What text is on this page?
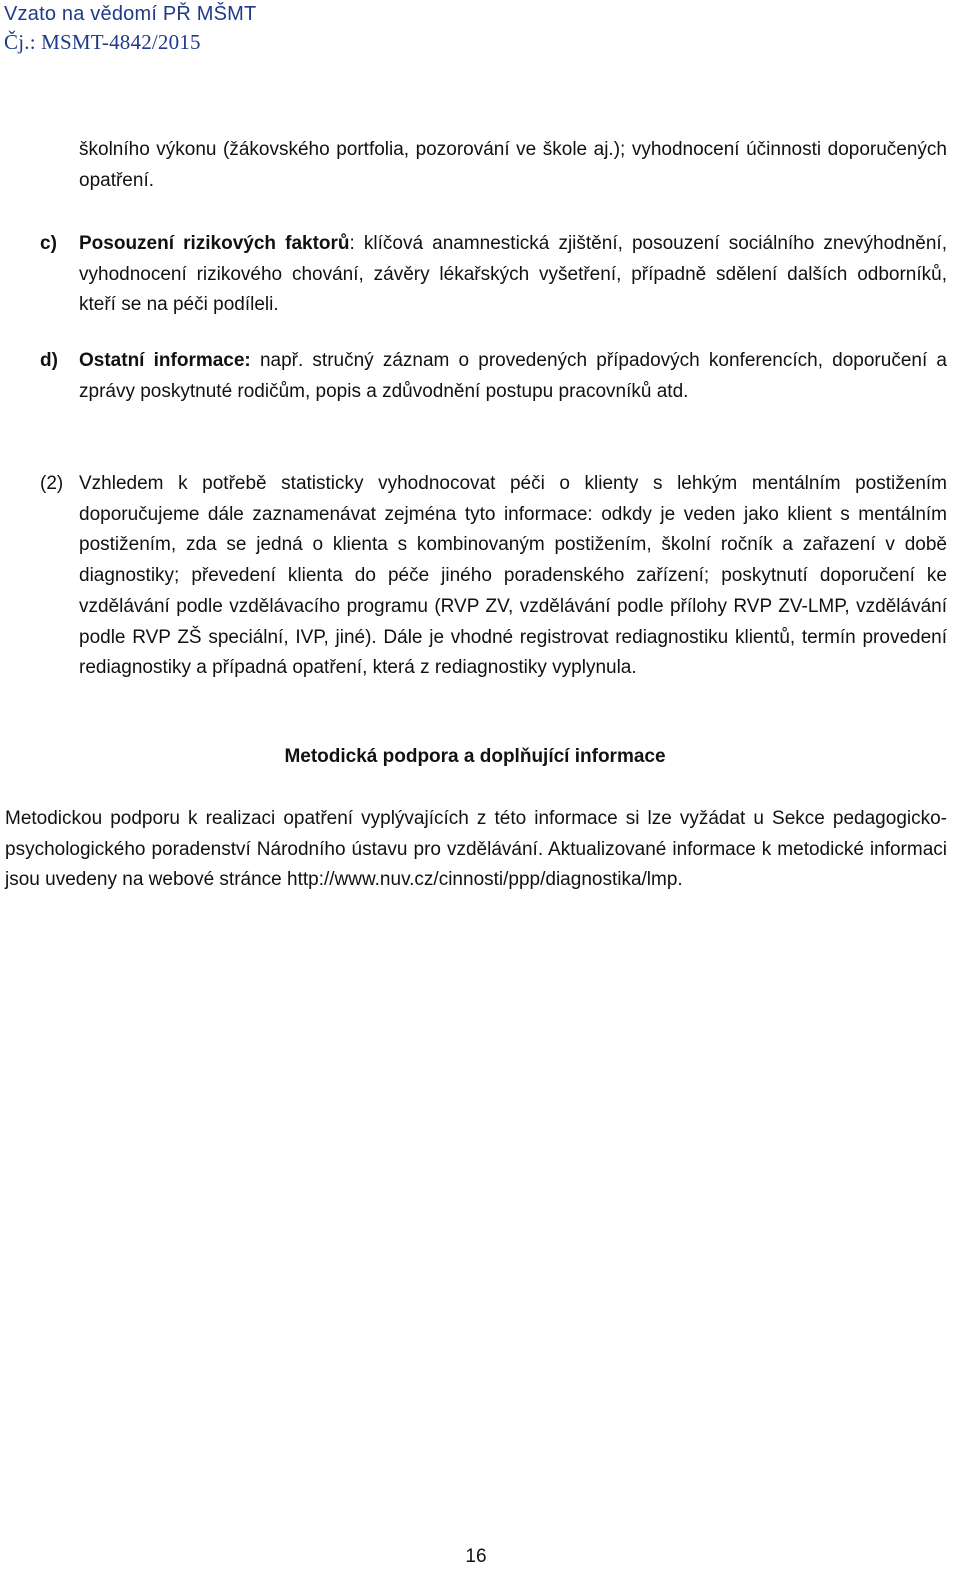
Vzato na vědomí PŘ MŠMT
Čj.: MSMT-4842/2015

školního výkonu (žákovského portfolia, pozorování ve škole aj.); vyhodnocení účinnosti doporučených opatření.

c) Posouzení rizikových faktorů: klíčová anamnestická zjištění, posouzení sociálního znevýhodnění, vyhodnocení rizikového chování, závěry lékařských vyšetření, případně sdělení dalších odborníků, kteří se na péči podíleli.
d) Ostatní informace: např. stručný záznam o provedených případových konferencích, doporučení a zprávy poskytnuté rodičům, popis a zdůvodnění postupu pracovníků atd.
(2) Vzhledem k potřebě statisticky vyhodnocovat péči o klienty s lehkým mentálním postižením doporučujeme dále zaznamenávat zejména tyto informace: odkdy je veden jako klient s mentálním postižením, zda se jedná o klienta s kombinovaným postižením, školní ročník a zařazení v době diagnostiky; převedení klienta do péče jiného poradenského zařízení; poskytnutí doporučení ke vzdělávání podle vzdělávacího programu (RVP ZV, vzdělávání podle přílohy RVP ZV-LMP, vzdělávání podle RVP ZŠ speciální, IVP, jiné). Dále je vhodné registrovat rediagnostiku klientů, termín provedení rediagnostiky a případná opatření, která z rediagnostiky vyplynula.
Metodická podpora a doplňující informace

Metodickou podporu k realizaci opatření vyplývajících z této informace si lze vyžádat u Sekce pedagogicko-psychologického poradenství Národního ústavu pro vzdělávání. Aktualizované informace k metodické informaci jsou uvedeny na webové stránce http://www.nuv.cz/cinnosti/ppp/diagnostika/lmp.

16
